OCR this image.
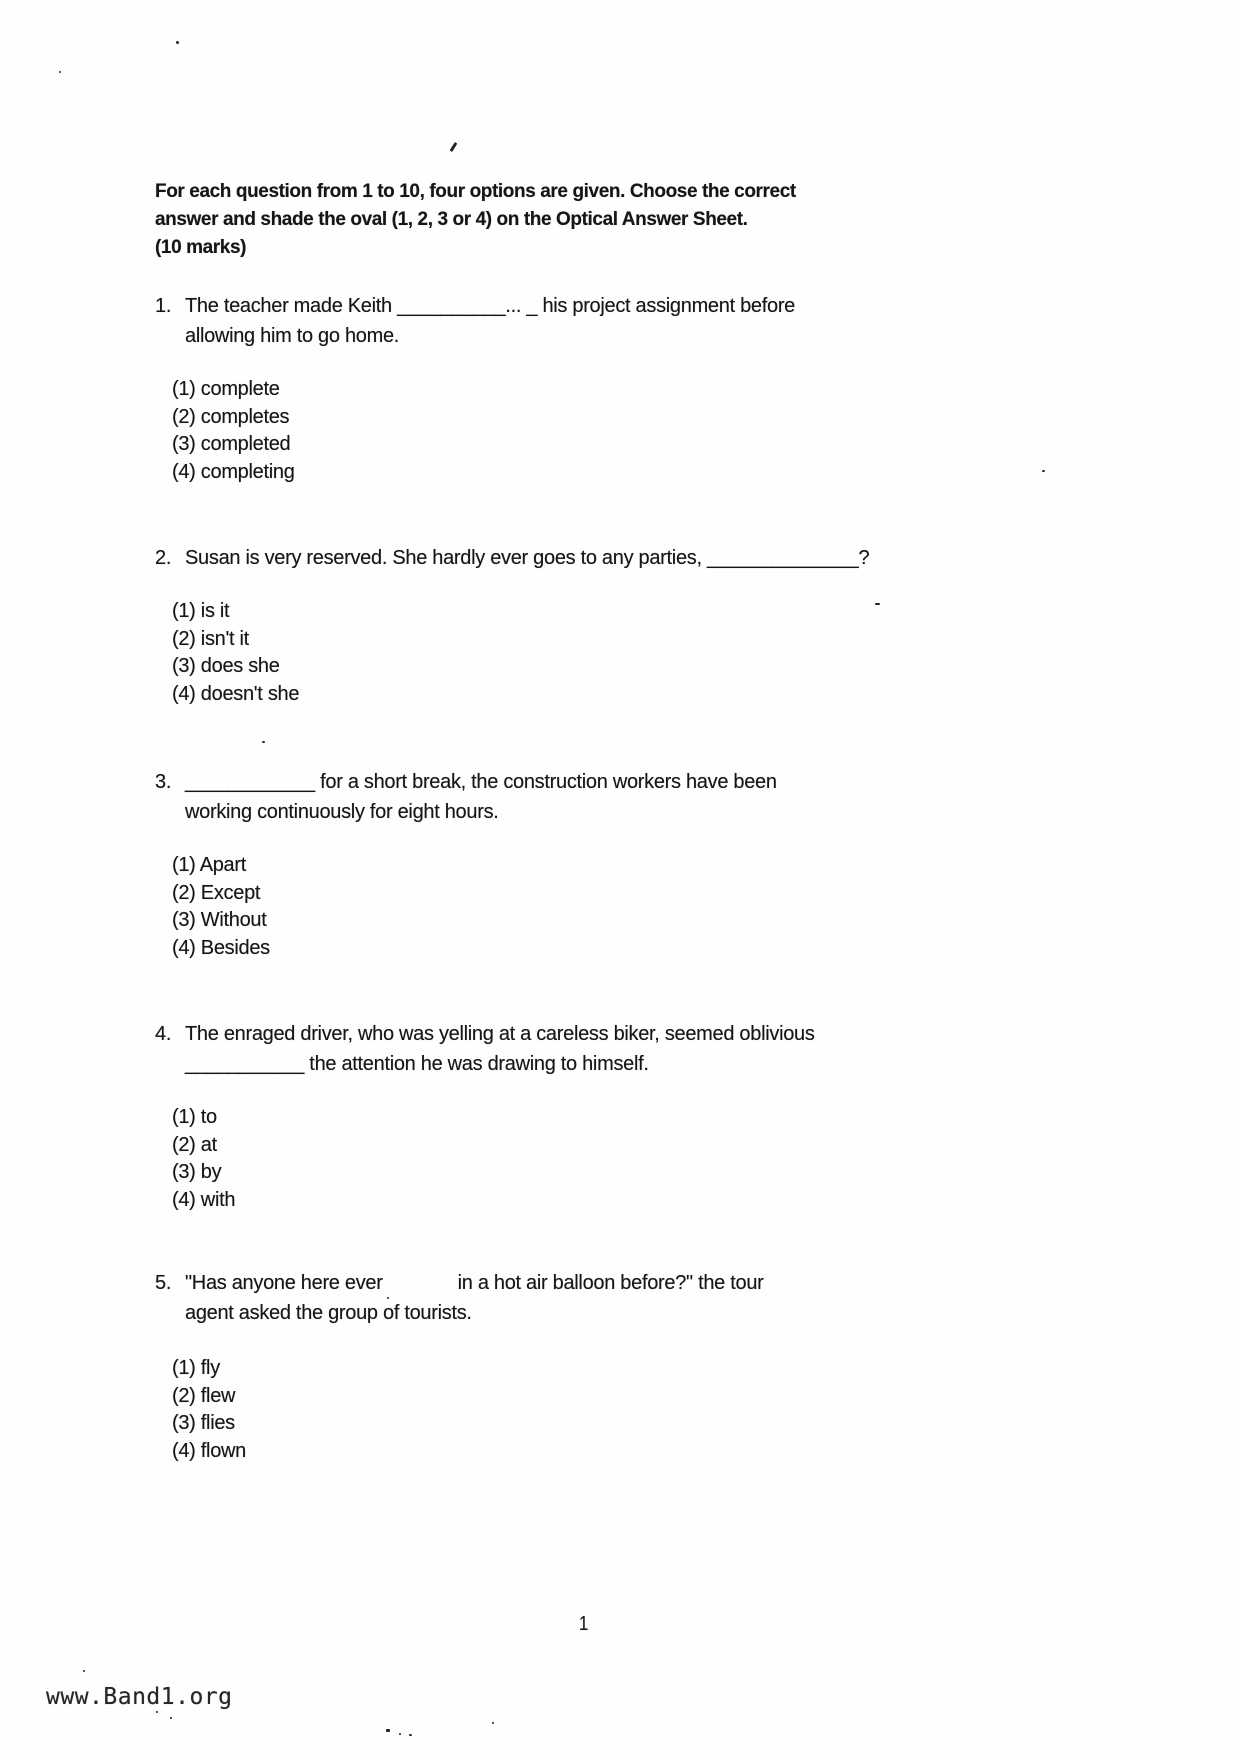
For each question from 1 to 10, four options are given. Choose the correct
answer and shade the oval (1, 2, 3 or 4) on the Optical Answer Sheet.
(10 marks)
1. The teacher made Keith __________... _ his project assignment before
allowing him to go home.
(1) complete
(2) completes
(3) completed
(4) completing
2. Susan is very reserved. She hardly ever goes to any parties, ______________?
(1) is it
(2) isn't it
(3) does she
(4) doesn't she
3. ____________ for a short break, the construction workers have been
working continuously for eight hours.
(1) Apart
(2) Except
(3) Without
(4) Besides
4. The enraged driver, who was yelling at a careless biker, seemed oblivious
___________ the attention he was drawing to himself.
(1) to
(2) at
(3) by
(4) with
5. "Has anyone here ever	in a hot air balloon before?" the tour
agent asked the group of tourists.
(1) fly
(2) flew
(3) flies
(4) flown
1
www.Band1.org
